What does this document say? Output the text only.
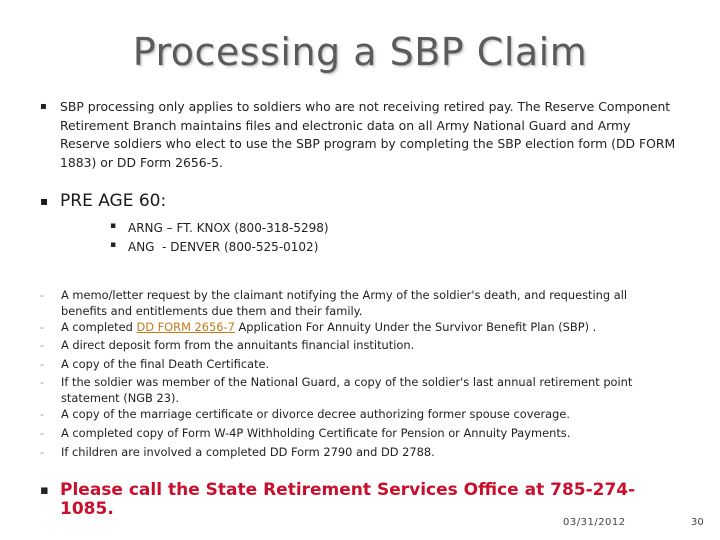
Processing a SBP Claim
▪	SBP processing only applies to soldiers who are not receiving retired pay. The Reserve Component Retirement Branch maintains files and electronic data on all Army National Guard and Army Reserve soldiers who elect to use the SBP program by completing the SBP election form (DD FORM 1883) or DD Form 2656-5.
▪ PRE AGE 60:
▪ ARNG – FT. KNOX (800-318-5298)
▪ ANG  - DENVER (800-525-0102)
-	A memo/letter request by the claimant notifying the Army of the soldier's death, and requesting all benefits and entitlements due them and their family.
-	A completed DD FORM 2656-7 Application For Annuity Under the Survivor Benefit Plan (SBP) .
-	A direct deposit form from the annuitants financial institution.
-	A copy of the final Death Certificate.
-	If the soldier was member of the National Guard, a copy of the soldier's last annual retirement point statement (NGB 23).
-	A copy of the marriage certificate or divorce decree authorizing former spouse coverage.
-	A completed copy of Form W-4P Withholding Certificate for Pension or Annuity Payments.
-	If children are involved a completed DD Form 2790 and DD 2788.
▪ Please call the State Retirement Services Office at 785-274-1085.
03/31/2012	30
